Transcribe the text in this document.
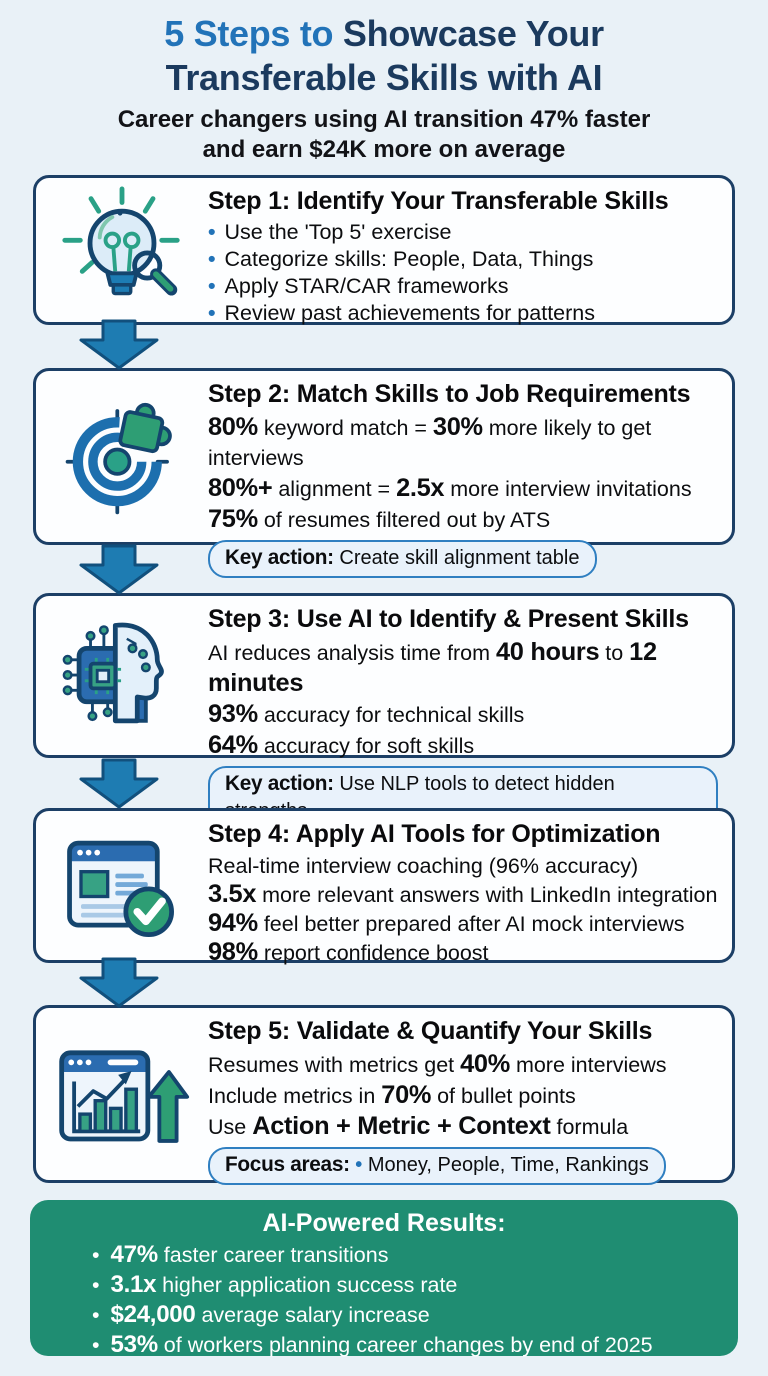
5 Steps to Showcase Your
Transferable Skills with AI
Career changers using AI transition 47% faster
and earn $24K more on average
Step 1: Identify Your Transferable Skills
• Use the 'Top 5' exercise
• Categorize skills: People, Data, Things
• Apply STAR/CAR frameworks
• Review past achievements for patterns
Step 2: Match Skills to Job Requirements
80% keyword match = 30% more likely to get interviews
80%+ alignment = 2.5x more interview invitations
75% of resumes filtered out by ATS
Key action: Create skill alignment table
Step 3: Use AI to Identify & Present Skills
AI reduces analysis time from 40 hours to 12 minutes
93% accuracy for technical skills
64% accuracy for soft skills
Key action: Use NLP tools to detect hidden
Step 4: Apply AI Tools for Optimization
Real-time interview coaching (96% accuracy)
3.5x more relevant answers with LinkedIn integration
94% feel better prepared after AI mock interviews
98% report confidence boost
Step 5: Validate & Quantify Your Skills
Resumes with metrics get 40% more interviews
Include metrics in 70% of bullet points
Use Action + Metric + Context formula
Focus areas: • Money, People, Time, Rankings
AI-Powered Results:
• 47% faster career transitions
• 3.1x higher application success rate
• $24,000 average salary increase
• 53% of workers planning career changes by end of 2025
